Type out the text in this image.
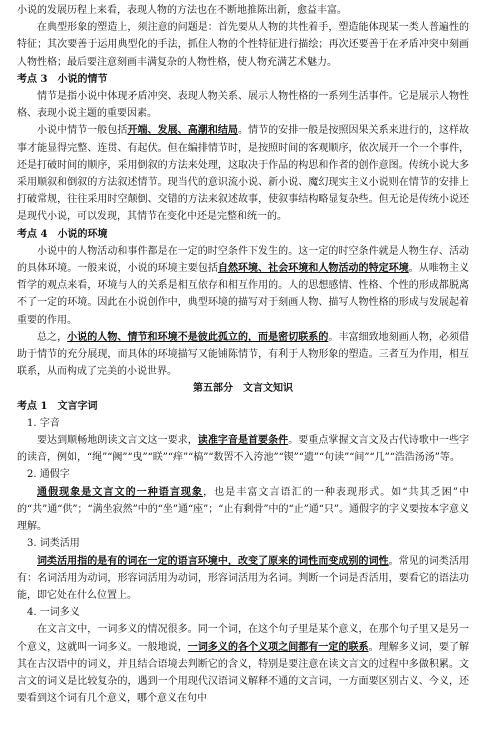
小说的发展历程上来看，表现人物的方法也在不断地推陈出新，愈益丰富。

在典型形象的塑造上，须注意的问题是：首先要从人物的共性着手，塑造能体现某一类人普遍性的特征；其次要善于运用典型化的手法，抓住人物的个性特征进行描绘；再次还要善于在矛盾冲突中刻画人物性格；最后要注意刻画丰满复杂的人物性格，使人物充满艺术魅力。

考点 3　小说的情节

情节是指小说中体现矛盾冲突、表现人物关系、展示人物性格的一系列生活事件。它是展示人物性格、表现小说主题的重要因素。

小说中情节一般包括开端、发展、高潮和结局。情节的安排一般是按照因果关系来进行的，这样故事才能显得完整、连贯、有起伏。但在编排情节时，是按照时间的客观顺序，依次展开一个一个事件，还是打破时间的顺序，采用倒叙的方法来处理，这取决于作品的构思和作者的创作意图。传统小说大多采用顺叙和倒叙的方法叙述情节。现当代的意识流小说、新小说、魔幻现实主义小说则在情节的安排上打破常规，往往采用时空颠倒、交错的方法来叙述故事，使叙事结构略显复杂些。但无论是传统小说还是现代小说，可以发现，其情节在变化中还是完整和统一的。

考点 4　小说的环境

小说中的人物活动和事件都是在一定的时空条件下发生的。这一定的时空条件就是人物生存、活动的具体环境。一般来说，小说的环境主要包括自然环境、社会环境和人物活动的特定环境。从唯物主义哲学的观点来看，环境与人的关系是相互依存和相互作用的。人的思想感情、性格、个性的形成都脱离不了一定的环境。因此在小说创作中，典型环境的描写对于刻画人物、描写人物性格的形成与发展起着重要的作用。

总之，小说的人物、情节和环境不是彼此孤立的，而是密切联系的。丰富细致地刻画人物，必须借助于情节的充分展现，而具体的环境描写又能铺陈情节，有利于人物形象的塑造。三者互为作用，相互联系，从而构成了完美的小说世界。

第五部分　文言文知识

考点 1　文言字词

1. 字音

要达到顺畅地朗读文言文这一要求，读准字音是首要条件。要重点掌握文言文及古代诗歌中一些字的读音，例如，“绳”“阙”“曳”“眹”“痒”“槁”“数罟不入洿池”“锲”“遗”“句读”“间”“几”“浩浩汤汤”等。

2. 通假字

通假现象是文言文的一种语言现象，也是丰富文言语汇的一种表现形式。如“共其乏困”中的“共”通“供”；“满坐寂然”中的“坐”通“座”；“止有剩骨”中的“止”通“只”。通假字的字义要按本字意义理解。

3. 词类活用

词类活用指的是有的词在一定的语言环境中，改变了原来的词性而变成别的词性。常见的词类活用有：名词活用为动词，形容词活用为动词，形容词活用为名词。判断一个词是否活用，要看它的语法功能，即它处在什么位置上。

4. 一词多义

在文言文中，一词多义的情况很多。同一个词，在这个句子里是某个意义，在那个句子里又是另一个意义，这就叫一词多义。一般地说，一词多义的各个义项之间都有一定的联系。理解多义词，要了解其在古汉语中的词义，并且结合语境去判断它的含义，特别是要注意在读文言文的过程中多做积累。文言文的词义是比较复杂的，遇到一个用现代汉语词义解释不通的文言词，一方面要区别古义、今义，还要看到这个词有几个意义，哪个意义在句中
